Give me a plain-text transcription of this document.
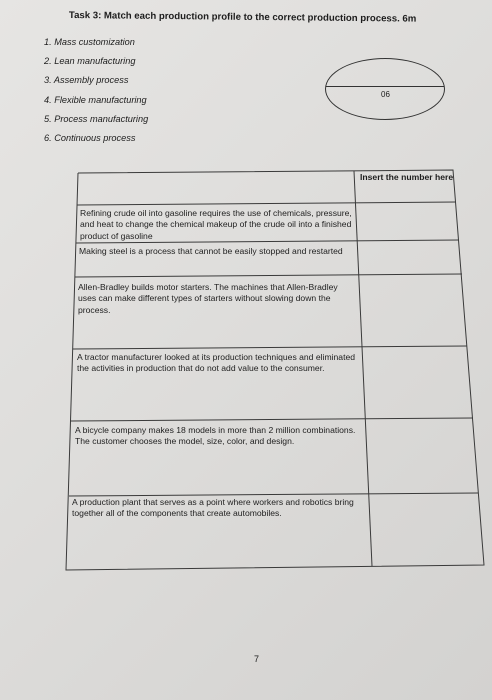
Task 3: Match each production profile to the correct production process. 6m
1. Mass customization
2. Lean manufacturing
3. Assembly process
4. Flexible manufacturing
5. Process manufacturing
6. Continuous process
06
Insert the number here
Refining crude oil into gasoline requires the use of chemicals, pressure, and heat to change the chemical makeup of the crude oil into a finished product of gasoline
Making steel is a process that cannot be easily stopped and restarted
Allen-Bradley builds motor starters. The machines that Allen-Bradley uses can make different types of starters without slowing down the process.
A tractor manufacturer looked at its production techniques and eliminated the activities in production that do not add value to the consumer.
A bicycle company makes 18 models in more than 2 million combinations. The customer chooses the model, size, color, and design.
A production plant that serves as a point where workers and robotics bring together all of the components that create automobiles.
7
